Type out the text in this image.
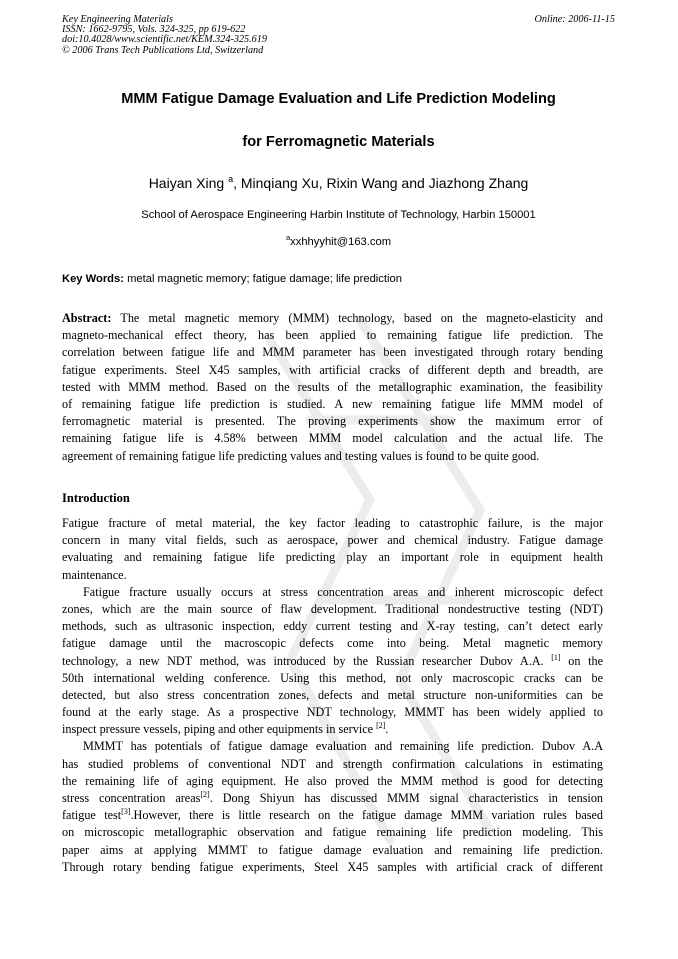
Key Engineering Materials
ISSN: 1662-9795, Vols. 324-325, pp 619-622
doi:10.4028/www.scientific.net/KEM.324-325.619
© 2006 Trans Tech Publications Ltd, Switzerland
Online: 2006-11-15
MMM Fatigue Damage Evaluation and Life Prediction Modeling
for Ferromagnetic Materials
Haiyan Xing $^a$, Minqiang Xu, Rixin Wang and Jiazhong Zhang
School of Aerospace Engineering Harbin Institute of Technology, Harbin 150001
$^a$xxhhyyhit@163.com
Key Words: metal magnetic memory; fatigue damage; life prediction
Abstract: The metal magnetic memory (MMM) technology, based on the magneto-elasticity and
magneto-mechanical effect theory, has been applied to remaining fatigue life prediction. The
correlation between fatigue life and MMM parameter has been investigated through rotary bending
fatigue experiments. Steel X45 samples, with artificial cracks of different depth and breadth, are
tested with MMM method. Based on the results of the metallographic examination, the feasibility
of remaining fatigue life prediction is studied. A new remaining fatigue life MMM model of
ferromagnetic material is presented. The proving experiments show the maximum error of
remaining fatigue life is 4.58% between MMM model calculation and the actual life. The
agreement of remaining fatigue life predicting values and testing values is found to be quite good.
Introduction
Fatigue fracture of metal material, the key factor leading to catastrophic failure, is the major
concern in many vital fields, such as aerospace, power and chemical industry. Fatigue damage
evaluating and remaining fatigue life predicting play an important role in equipment health
maintenance.
Fatigue fracture usually occurs at stress concentration areas and inherent microscopic defect
zones, which are the main source of flaw development. Traditional nondestructive testing (NDT)
methods, such as ultrasonic inspection, eddy current testing and X-ray testing, can’t detect early
fatigue damage until the macroscopic defects come into being. Metal magnetic memory
technology, a new NDT method, was introduced by the Russian researcher Dubov A.A. [1] on the
50th international welding conference. Using this method, not only macroscopic cracks can be
detected, but also stress concentration zones, defects and metal structure non-uniformities can be
found at the early stage. As a prospective NDT technology, MMMT has been widely applied to
inspect pressure vessels, piping and other equipments in service [2].
MMMT has potentials of fatigue damage evaluation and remaining life prediction. Dubov A.A
has studied problems of conventional NDT and strength confirmation calculations in estimating
the remaining life of aging equipment. He also proved the MMM method is good for detecting
stress concentration areas[2]. Dong Shiyun has discussed MMM signal characteristics in tension
fatigue test[3].However, there is little research on the fatigue damage MMM variation rules based
on microscopic metallographic observation and fatigue remaining life prediction modeling. This
paper aims at applying MMMT to fatigue damage evaluation and remaining life prediction.
Through rotary bending fatigue experiments, Steel X45 samples with artificial crack of different
